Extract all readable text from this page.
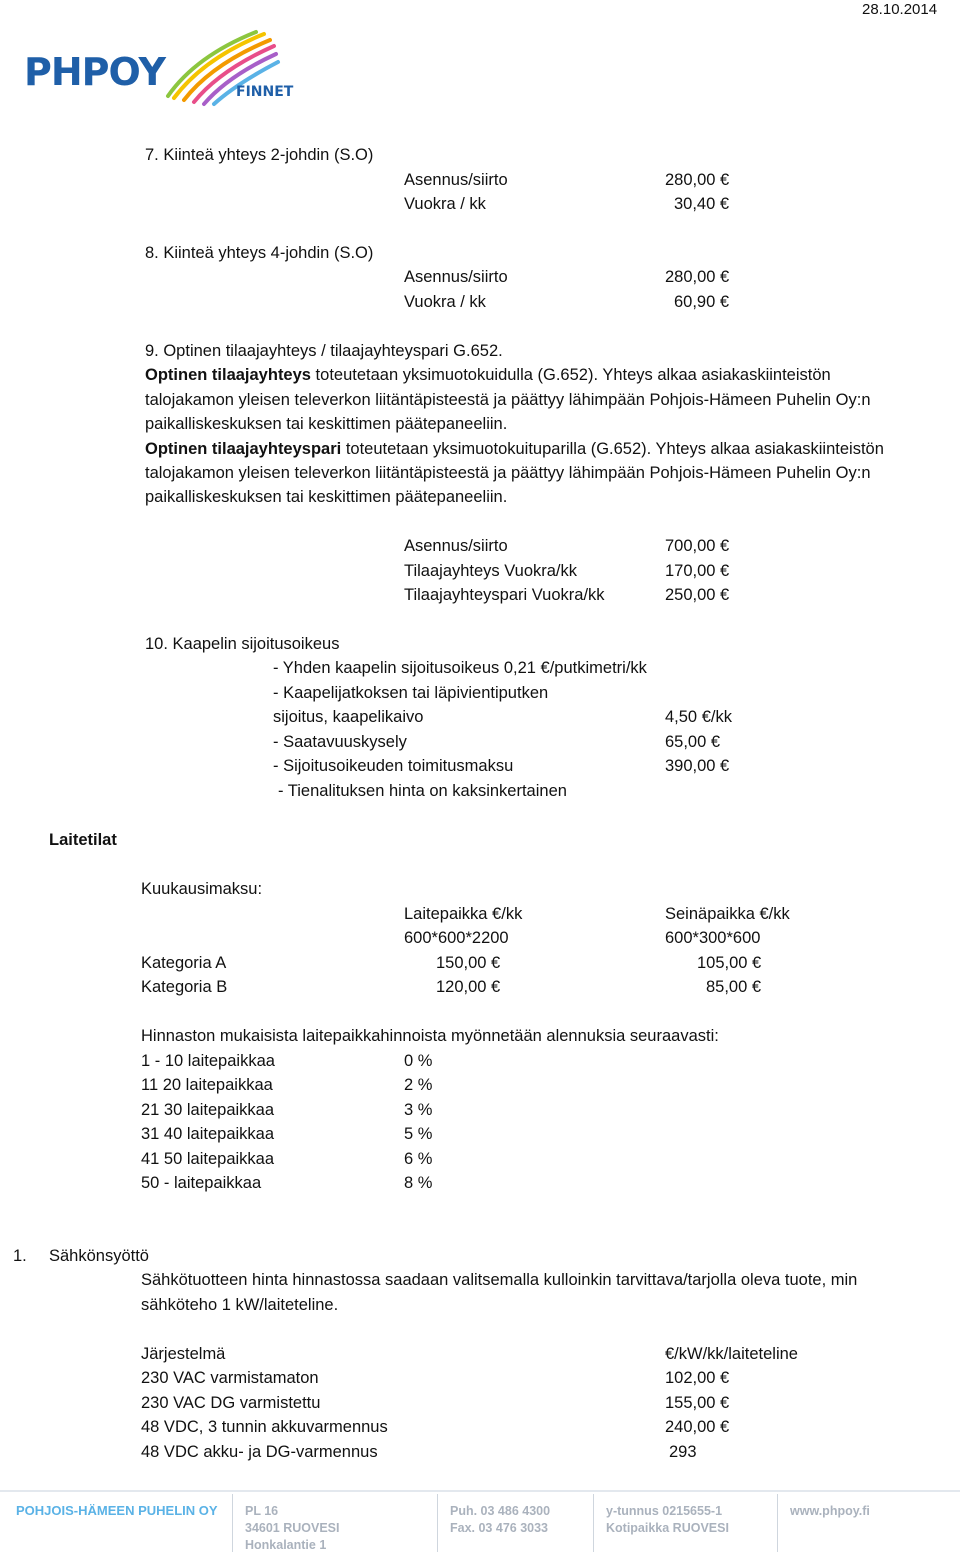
28.10.2014
PHPOY	FINNET
7. Kiinteä yhteys 2-johdin (S.O)
Asennus/siirto	280,00 €
Vuokra / kk	30,40 €
8. Kiinteä yhteys 4-johdin (S.O)
Asennus/siirto	280,00 €
Vuokra / kk	60,90 €
9. Optinen tilaajayhteys / tilaajayhteyspari G.652.
Optinen tilaajayhteys toteutetaan yksimuotokuidulla (G.652). Yhteys alkaa asiakaskiinteistön
talojakamon yleisen televerkon liitäntäpisteestä ja päättyy lähimpään Pohjois-Hämeen Puhelin Oy:n
paikalliskeskuksen tai keskittimen päätepaneeliin.
Optinen tilaajayhteyspari toteutetaan yksimuotokuituparilla (G.652). Yhteys alkaa asiakaskiinteistön
talojakamon yleisen televerkon liitäntäpisteestä ja päättyy lähimpään Pohjois-Hämeen Puhelin Oy:n
paikalliskeskuksen tai keskittimen päätepaneeliin.
Asennus/siirto	700,00 €
Tilaajayhteys Vuokra/kk	170,00 €
Tilaajayhteyspari Vuokra/kk	250,00 €
10. Kaapelin sijoitusoikeus
- Yhden kaapelin sijoitusoikeus 0,21 €/putkimetri/kk
- Kaapelijatkoksen tai läpivientiputken
sijoitus, kaapelikaivo	4,50 €/kk
- Saatavuuskysely	65,00 €
- Sijoitusoikeuden toimitusmaksu	390,00 €
- Tienalituksen hinta on kaksinkertainen
Laitetilat
Kuukausimaksu:
Laitepaikka €/kk	Seinäpaikka €/kk
600*600*2200	600*300*600
Kategoria A	150,00 €	105,00 €
Kategoria B	120,00 €	85,00 €
Hinnaston mukaisista laitepaikkahinnoista myönnetään alennuksia seuraavasti:
1 - 10 laitepaikkaa	0 %
11 20 laitepaikkaa	2 %
21 30 laitepaikkaa	3 %
31 40 laitepaikkaa	5 %
41 50 laitepaikkaa	6 %
50 - laitepaikkaa	8 %
1. Sähkönsyöttö
Sähkötuotteen hinta hinnastossa saadaan valitsemalla kulloinkin tarvittava/tarjolla oleva tuote, min
sähköteho 1 kW/laiteteline.
Järjestelmä	€/kW/kk/laiteteline
230 VAC varmistamaton	102,00 €
230 VAC DG varmistettu	155,00 €
48 VDC, 3 tunnin akkuvarmennus	240,00 €
48 VDC akku- ja DG-varmennus	293
POHJOIS-HÄMEEN PUHELIN OY PL 16
34601 RUOVESI
Honkalantie 1
Puh. 03 486 4300
Fax. 03 476 3033
y-tunnus 0215655-1
Kotipaikka RUOVESI
www.phpoy.fi
